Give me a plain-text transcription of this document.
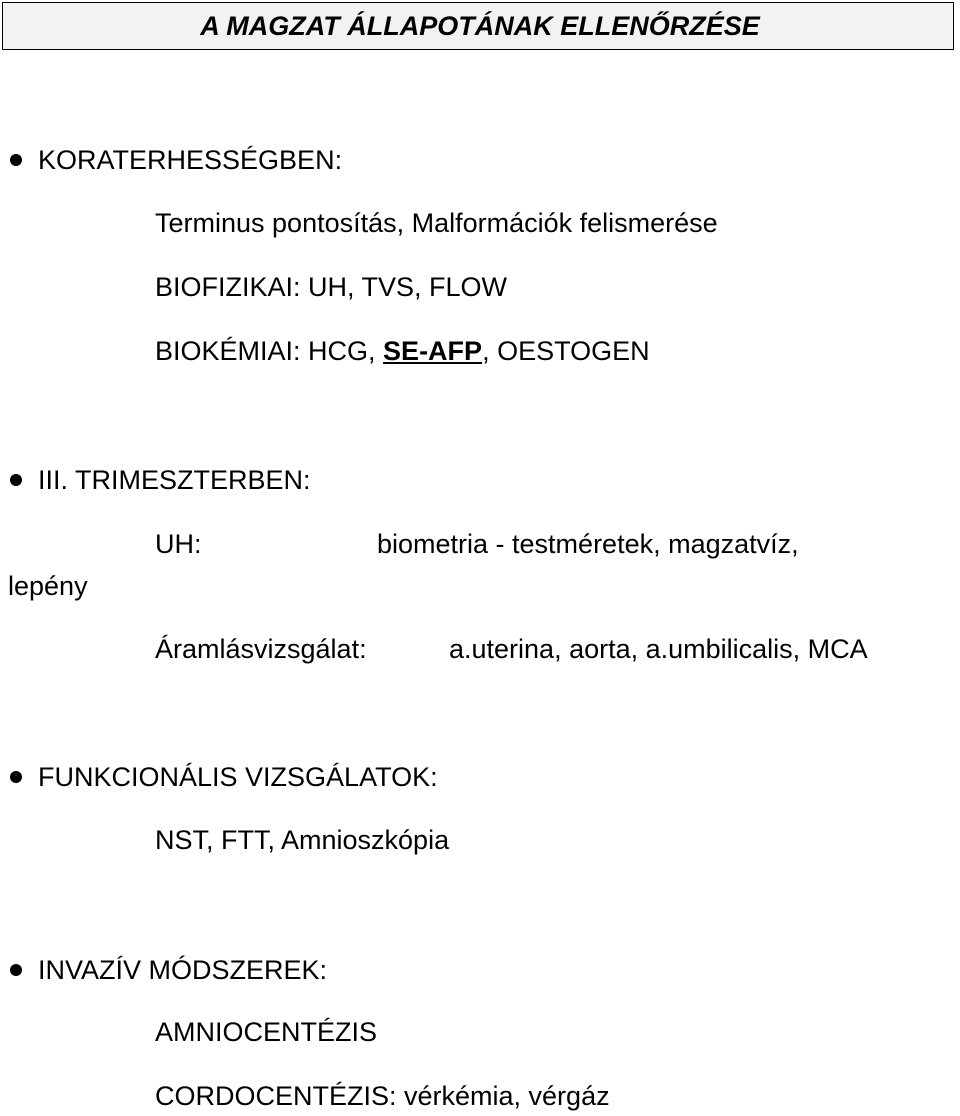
A MAGZAT ÁLLAPOTÁNAK ELLENŐRZÉSE
KORATERHESSÉGBEN:
Terminus pontosítás, Malformációk felismerése
BIOFIZIKAI: UH, TVS, FLOW
BIOKÉMIAI: HCG, SE-AFP, OESTOGEN
III. TRIMESZTERBEN:
UH:	biometria - testméretek, magzatvíz,
lepény
Áramlásvizsgálat:	a.uterina, aorta, a.umbilicalis, MCA
FUNKCIONÁLIS VIZSGÁLATOK:
NST, FTT, Amnioszkópia
INVAZÍV MÓDSZEREK:
AMNIOCENTÉZIS
CORDOCENTÉZIS: vérkémia, vérgáz
